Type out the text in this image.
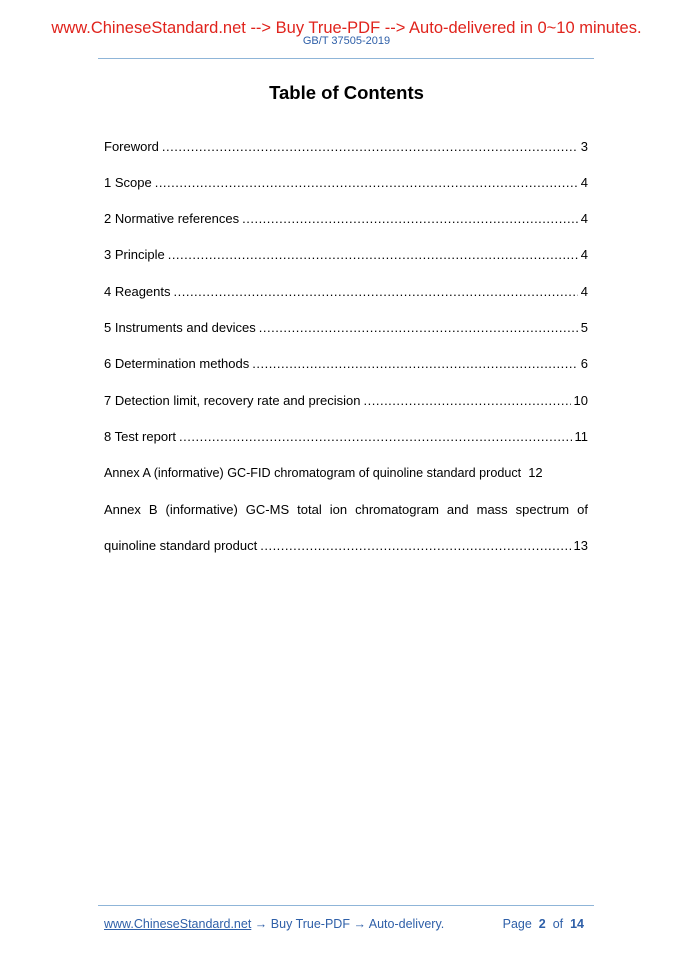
www.ChineseStandard.net --> Buy True-PDF --> Auto-delivered in 0~10 minutes.
GB/T 37505-2019
Table of Contents
Foreword .....	3
1 Scope .....	4
2 Normative references .....	4
3 Principle .....	4
4 Reagents .....	4
5 Instruments and devices .....	5
6 Determination methods .....	6
7 Detection limit, recovery rate and precision .....	10
8 Test report .....	11
Annex A (informative) GC-FID chromatogram of quinoline standard product 12
Annex B (informative) GC-MS total ion chromatogram and mass spectrum of
quinoline standard product .....	13
www.ChineseStandard.net → Buy True-PDF → Auto-delivery.	Page 2 of 14
